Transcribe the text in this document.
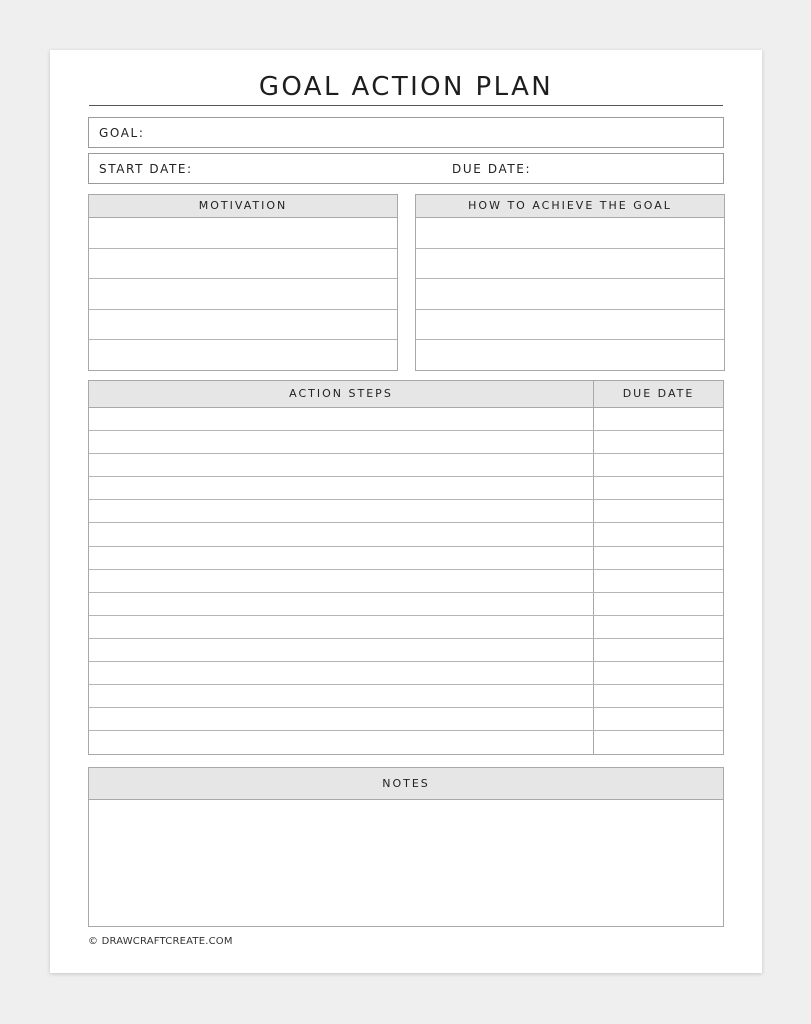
GOAL ACTION PLAN
GOAL:
START DATE:	DUE DATE:
MOTIVATION	HOW TO ACHIEVE THE GOAL
ACTION STEPS	DUE DATE
NOTES
© DRAWCRAFTCREATE.COM
